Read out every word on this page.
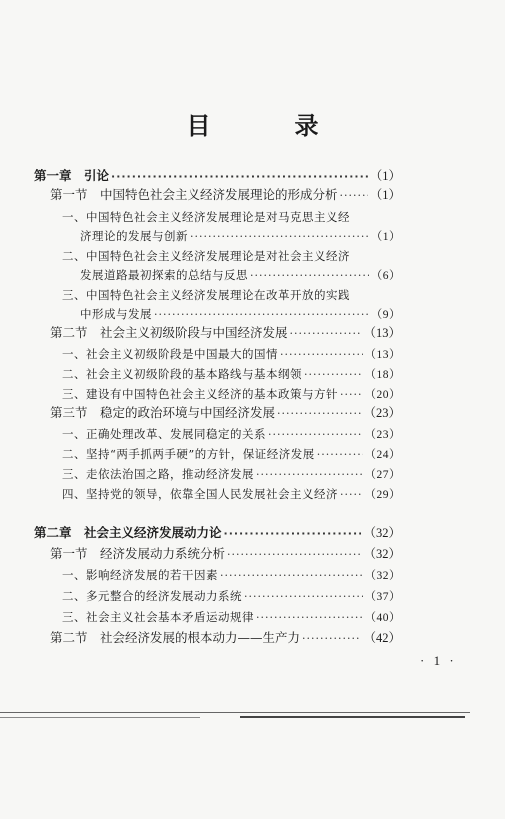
目　录
第一章　引论 ·····	（1）
第一节　中国特色社会主义经济发展理论的形成分析 ·····	（1）
一、中国特色社会主义经济发展理论是对马克思主义经
济理论的发展与创新 ·····	（1）
二、中国特色社会主义经济发展理论是对社会主义经济
发展道路最初探索的总结与反思 ·····	（6）
三、中国特色社会主义经济发展理论在改革开放的实践
中形成与发展 ·····	（9）
第二节　社会主义初级阶段与中国经济发展 ·····	（13）
一、社会主义初级阶段是中国最大的国情 ·····	（13）
二、社会主义初级阶段的基本路线与基本纲领 ·····	（18）
三、建设有中国特色社会主义经济的基本政策与方针 ····· （20）
第三节　稳定的政治环境与中国经济发展 ·····	（23）
一、正确处理改革、发展同稳定的关系 ·····	（23）
二、坚持“两手抓两手硬”的方针，保证经济发展 ·····	（24）
三、走依法治国之路，推动经济发展 ·····	（27）
四、坚持党的领导，依靠全国人民发展社会主义经济 ····· （29）
第二章　社会主义经济发展动力论 ·····	（32）
第一节　经济发展动力系统分析 ·····	（32）
一、影响经济发展的若干因素 ·····	（32）
二、多元整合的经济发展动力系统 ·····	（37）
三、社会主义社会基本矛盾运动规律 ·····	（40）
第二节　社会经济发展的根本动力——生产力 ·····	（42）
· 1 ·
